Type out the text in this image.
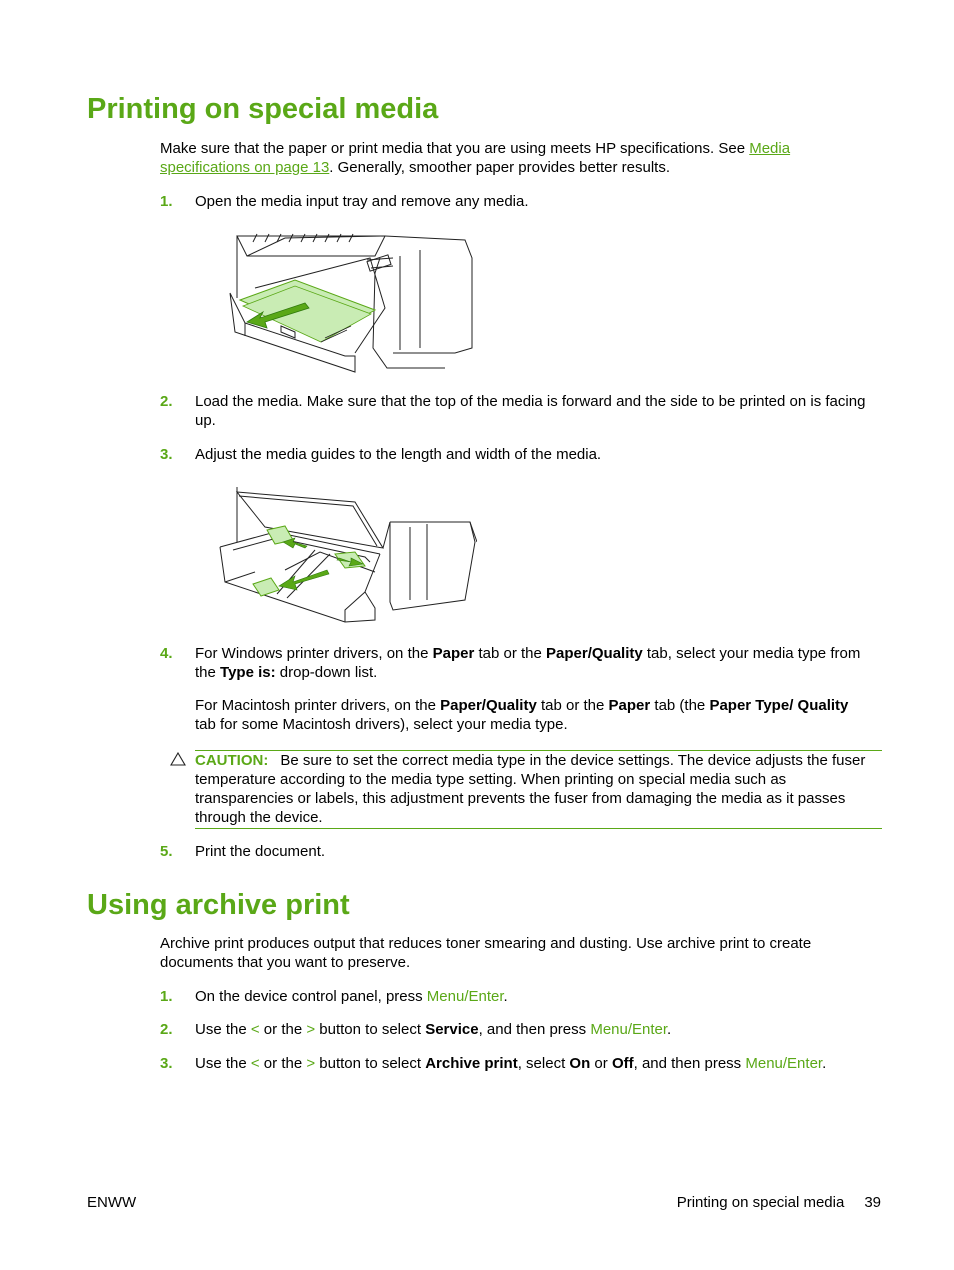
Printing on special media

Make sure that the paper or print media that you are using meets HP specifications. See Media specifications on page 13. Generally, smoother paper provides better results.

1. Open the media input tray and remove any media.
2. Load the media. Make sure that the top of the media is forward and the side to be printed on is facing up.
3. Adjust the media guides to the length and width of the media.
4. For Windows printer drivers, on the Paper tab or the Paper/Quality tab, select your media type from the Type is: drop-down list.
For Macintosh printer drivers, on the Paper/Quality tab or the Paper tab (the Paper Type/ Quality tab for some Macintosh drivers), select your media type.
CAUTION: Be sure to set the correct media type in the device settings. The device adjusts the fuser temperature according to the media type setting. When printing on special media such as transparencies or labels, this adjustment prevents the fuser from damaging the media as it passes through the device.
5. Print the document.
Using archive print

Archive print produces output that reduces toner smearing and dusting. Use archive print to create documents that you want to preserve.

1. On the device control panel, press Menu/Enter.
2. Use the < or the > button to select Service, and then press Menu/Enter.
3. Use the < or the > button to select Archive print, select On or Off, and then press Menu/Enter.
ENWW	Printing on special media 39
